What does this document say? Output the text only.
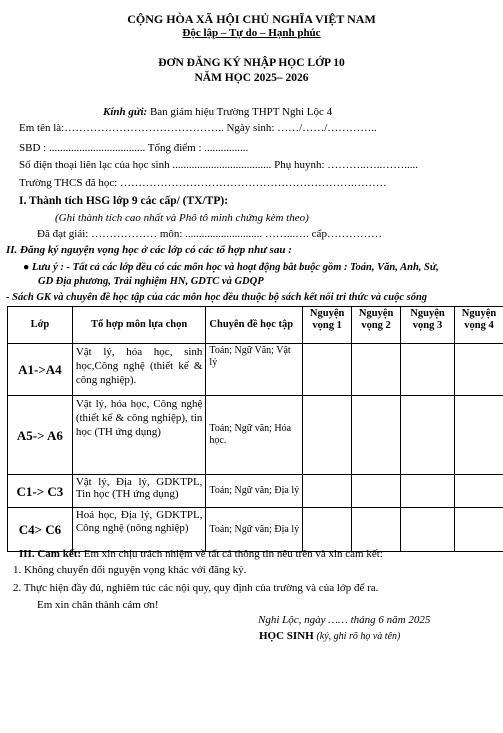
CỘNG HÒA XÃ HỘI CHỦ NGHĨA VIỆT NAM
Độc lập – Tự do – Hạnh phúc
ĐƠN ĐĂNG KÝ NHẬP HỌC LỚP 10
NĂM HỌC 2025– 2026
Kính gửi: Ban giám hiệu Trường THPT Nghi Lộc 4
Em tên là:…………………………………….. Ngày sinh: ……/……/…………..
SBD : ................................... Tổng điểm : ................
Số điện thoại liên lạc của học sinh .................................... Phụ huynh: ………..…..…….....
Trường THCS đã học: ……………………………………………………….………
I. Thành tích HSG lớp 9 các cấp/ (TX/TP):
(Ghi thành tích cao nhất và Phô tô minh chứng kèm theo)
Đã đạt giải: ……………… môn: ............................ ……...…. cấp……………
II. Đăng ký nguyện vọng học ở các lớp có các tổ hợp như sau :
● Lưu ý : - Tất cả các lớp đều có các môn học và hoạt động bắt buộc gồm : Toán, Văn, Anh, Sử,
GD Địa phương, Trải nghiệm HN, GDTC và GDQP
- Sách GK và chuyên đề học tập của các môn học đều thuộc bộ sách kết nối tri thức và cuộc sống
Lớp	Tổ hợp môn lựa chọn	Chuyên đề học tập	Nguyện vọng 1	Nguyện vọng 2	Nguyện vọng 3	Nguyện vọng 4
A1->A4	Vật lý, hóa học, sinh học,Công nghệ (thiết kế & công nghiệp).	Toán; Ngữ Văn; Vật lý				
A5-> A6	Vật lý, hóa học, Công nghệ (thiết kế & công nghiệp), tin học (TH ứng dụng)	Toán; Ngữ văn; Hóa học.				
C1-> C3	Vật lý, Địa lý, GDKTPL, Tin học (TH ứng dụng)	Toán; Ngữ văn; Địa lý				
C4> C6	Hoá học, Địa lý, GDKTPL, Công nghệ (nông nghiệp)	Toán; Ngữ văn; Địa lý				
III. Cam kết: Em xin chịu trách nhiệm về tất cả thông tin nêu trên và xin cam kết:
1. Không chuyển đổi nguyện vọng khác với đăng ký.
2. Thực hiện đầy đủ, nghiêm túc các nội quy, quy định của trường và của lớp để ra.
Em xin chân thành cảm ơn!
Nghi Lộc, ngày …… tháng 6 năm 2025
HỌC SINH (ký, ghi rõ họ và tên)
